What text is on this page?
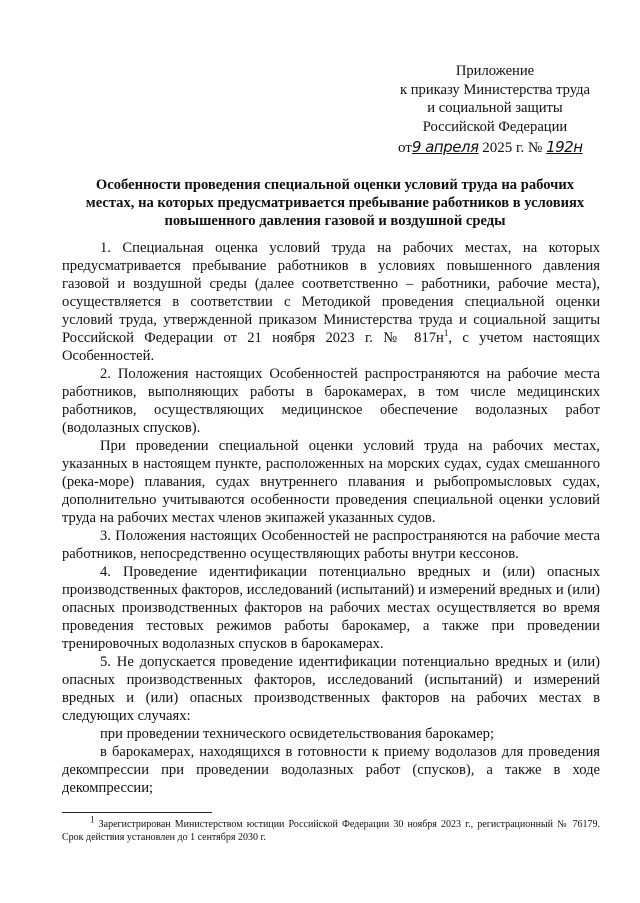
Приложение
к приказу Министерства труда
и социальной защиты
Российской Федерации
от9 апреля 2025 г. № 192н
Особенности проведения специальной оценки условий труда на рабочих
местах, на которых предусматривается пребывание работников в условиях
повышенного давления газовой и воздушной среды

1. Специальная оценка условий труда на рабочих местах, на которых предусматривается пребывание работников в условиях повышенного давления газовой и воздушной среды (далее соответственно – работники, рабочие места), осуществляется в соответствии с Методикой проведения специальной оценки условий труда, утвержденной приказом Министерства труда и социальной защиты Российской Федерации от 21 ноября 2023 г. № $817н^1$, с учетом настоящих Особенностей.

2. Положения настоящих Особенностей распространяются на рабочие места работников, выполняющих работы в барокамерах, в том числе медицинских работников, осуществляющих медицинское обеспечение водолазных работ (водолазных спусков).

При проведении специальной оценки условий труда на рабочих местах, указанных в настоящем пункте, расположенных на морских судах, судах смешанного (река-море) плавания, судах внутреннего плавания и рыбопромысловых судах, дополнительно учитываются особенности проведения специальной оценки условий труда на рабочих местах членов экипажей указанных судов.

3. Положения настоящих Особенностей не распространяются на рабочие места работников, непосредственно осуществляющих работы внутри кессонов.

4. Проведение идентификации потенциально вредных и (или) опасных производственных факторов, исследований (испытаний) и измерений вредных и (или) опасных производственных факторов на рабочих местах осуществляется во время проведения тестовых режимов работы барокамер, а также при проведении тренировочных водолазных спусков в барокамерах.

5. Не допускается проведение идентификации потенциально вредных и (или) опасных производственных факторов, исследований (испытаний) и измерений вредных и (или) опасных производственных факторов на рабочих местах в следующих случаях:

при проведении технического освидетельствования барокамер;

в барокамерах, находящихся в готовности к приему водолазов для проведения декомпрессии при проведении водолазных работ (спусков), а также в ходе декомпрессии;

$^1$ Зарегистрирован Министерством юстиции Российской Федерации 30 ноября 2023 г., регистрационный № 76179. Срок действия установлен до 1 сентября 2030 г.
